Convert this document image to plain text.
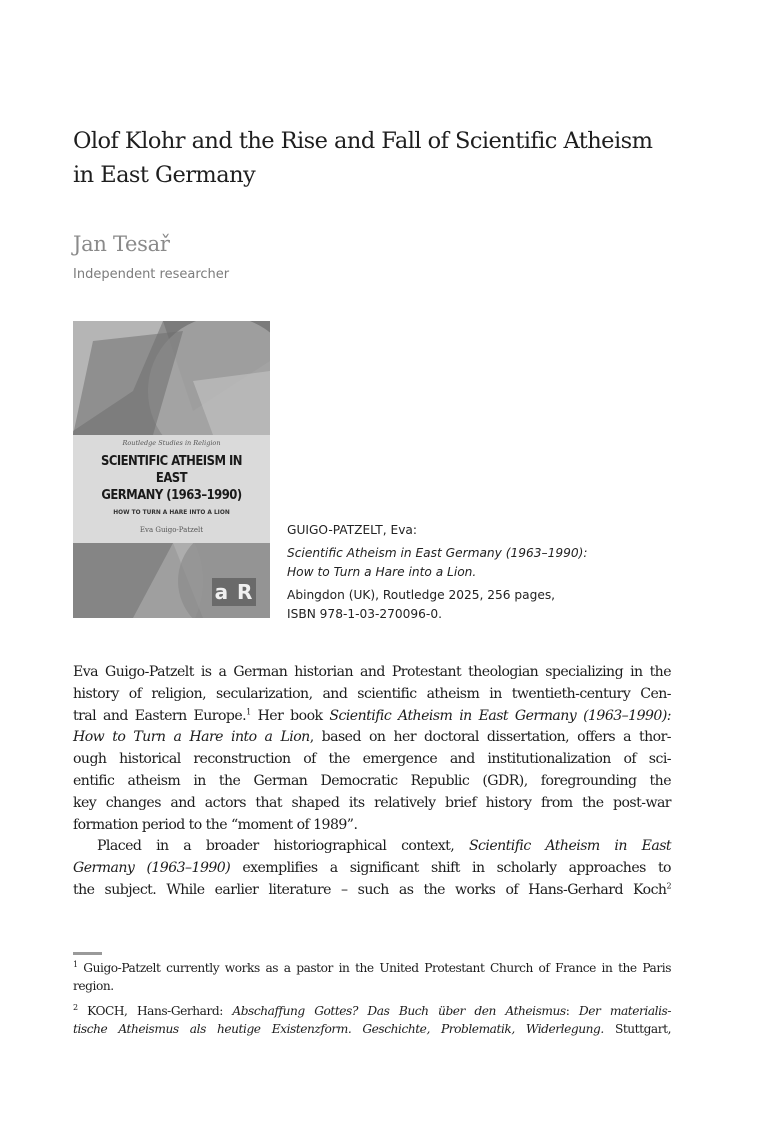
Olof Klohr and the Rise and Fall of Scientific Atheism
in East Germany
Jan Tesař
Independent researcher
Routledge Studies in Religion
SCIENTIFIC ATHEISM IN EAST
GERMANY (1963–1990)
HOW TO TURN A HARE INTO A LION
Eva Guigo-Patzelt
a R
GUIGO-PATZELT, Eva:
Scientific Atheism in East Germany (1963–1990):
How to Turn a Hare into a Lion.
Abingdon (UK), Routledge 2025, 256 pages,
ISBN 978-1-03-270096-0.

Eva Guigo-Patzelt is a German historian and Protestant theologian specializing in the
history of religion, secularization, and scientific atheism in twentieth-century Cen-
tral and Eastern Europe.$^1$ Her book Scientific Atheism in East Germany (1963–1990):
How to Turn a Hare into a Lion, based on her doctoral dissertation, offers a thor-
ough historical reconstruction of the emergence and institutionalization of sci-
entific atheism in the German Democratic Republic (GDR), foregrounding the
key changes and actors that shaped its relatively brief history from the post-war
formation period to the “moment of 1989”.

Placed in a broader historiographical context, Scientific Atheism in East
Germany (1963–1990) exemplifies a significant shift in scholarly approaches to
the subject. While earlier literature – such as the works of Hans-Gerhard Koch$^2$

$^1$ Guigo-Patzelt currently works as a pastor in the United Protestant Church of France in the Paris
region.
$^2$ KOCH, Hans-Gerhard: Abschaffung Gottes? Das Buch über den Atheismus: Der materialis-
tische Atheismus als heutige Existenzform. Geschichte, Problematik, Widerlegung. Stuttgart,
